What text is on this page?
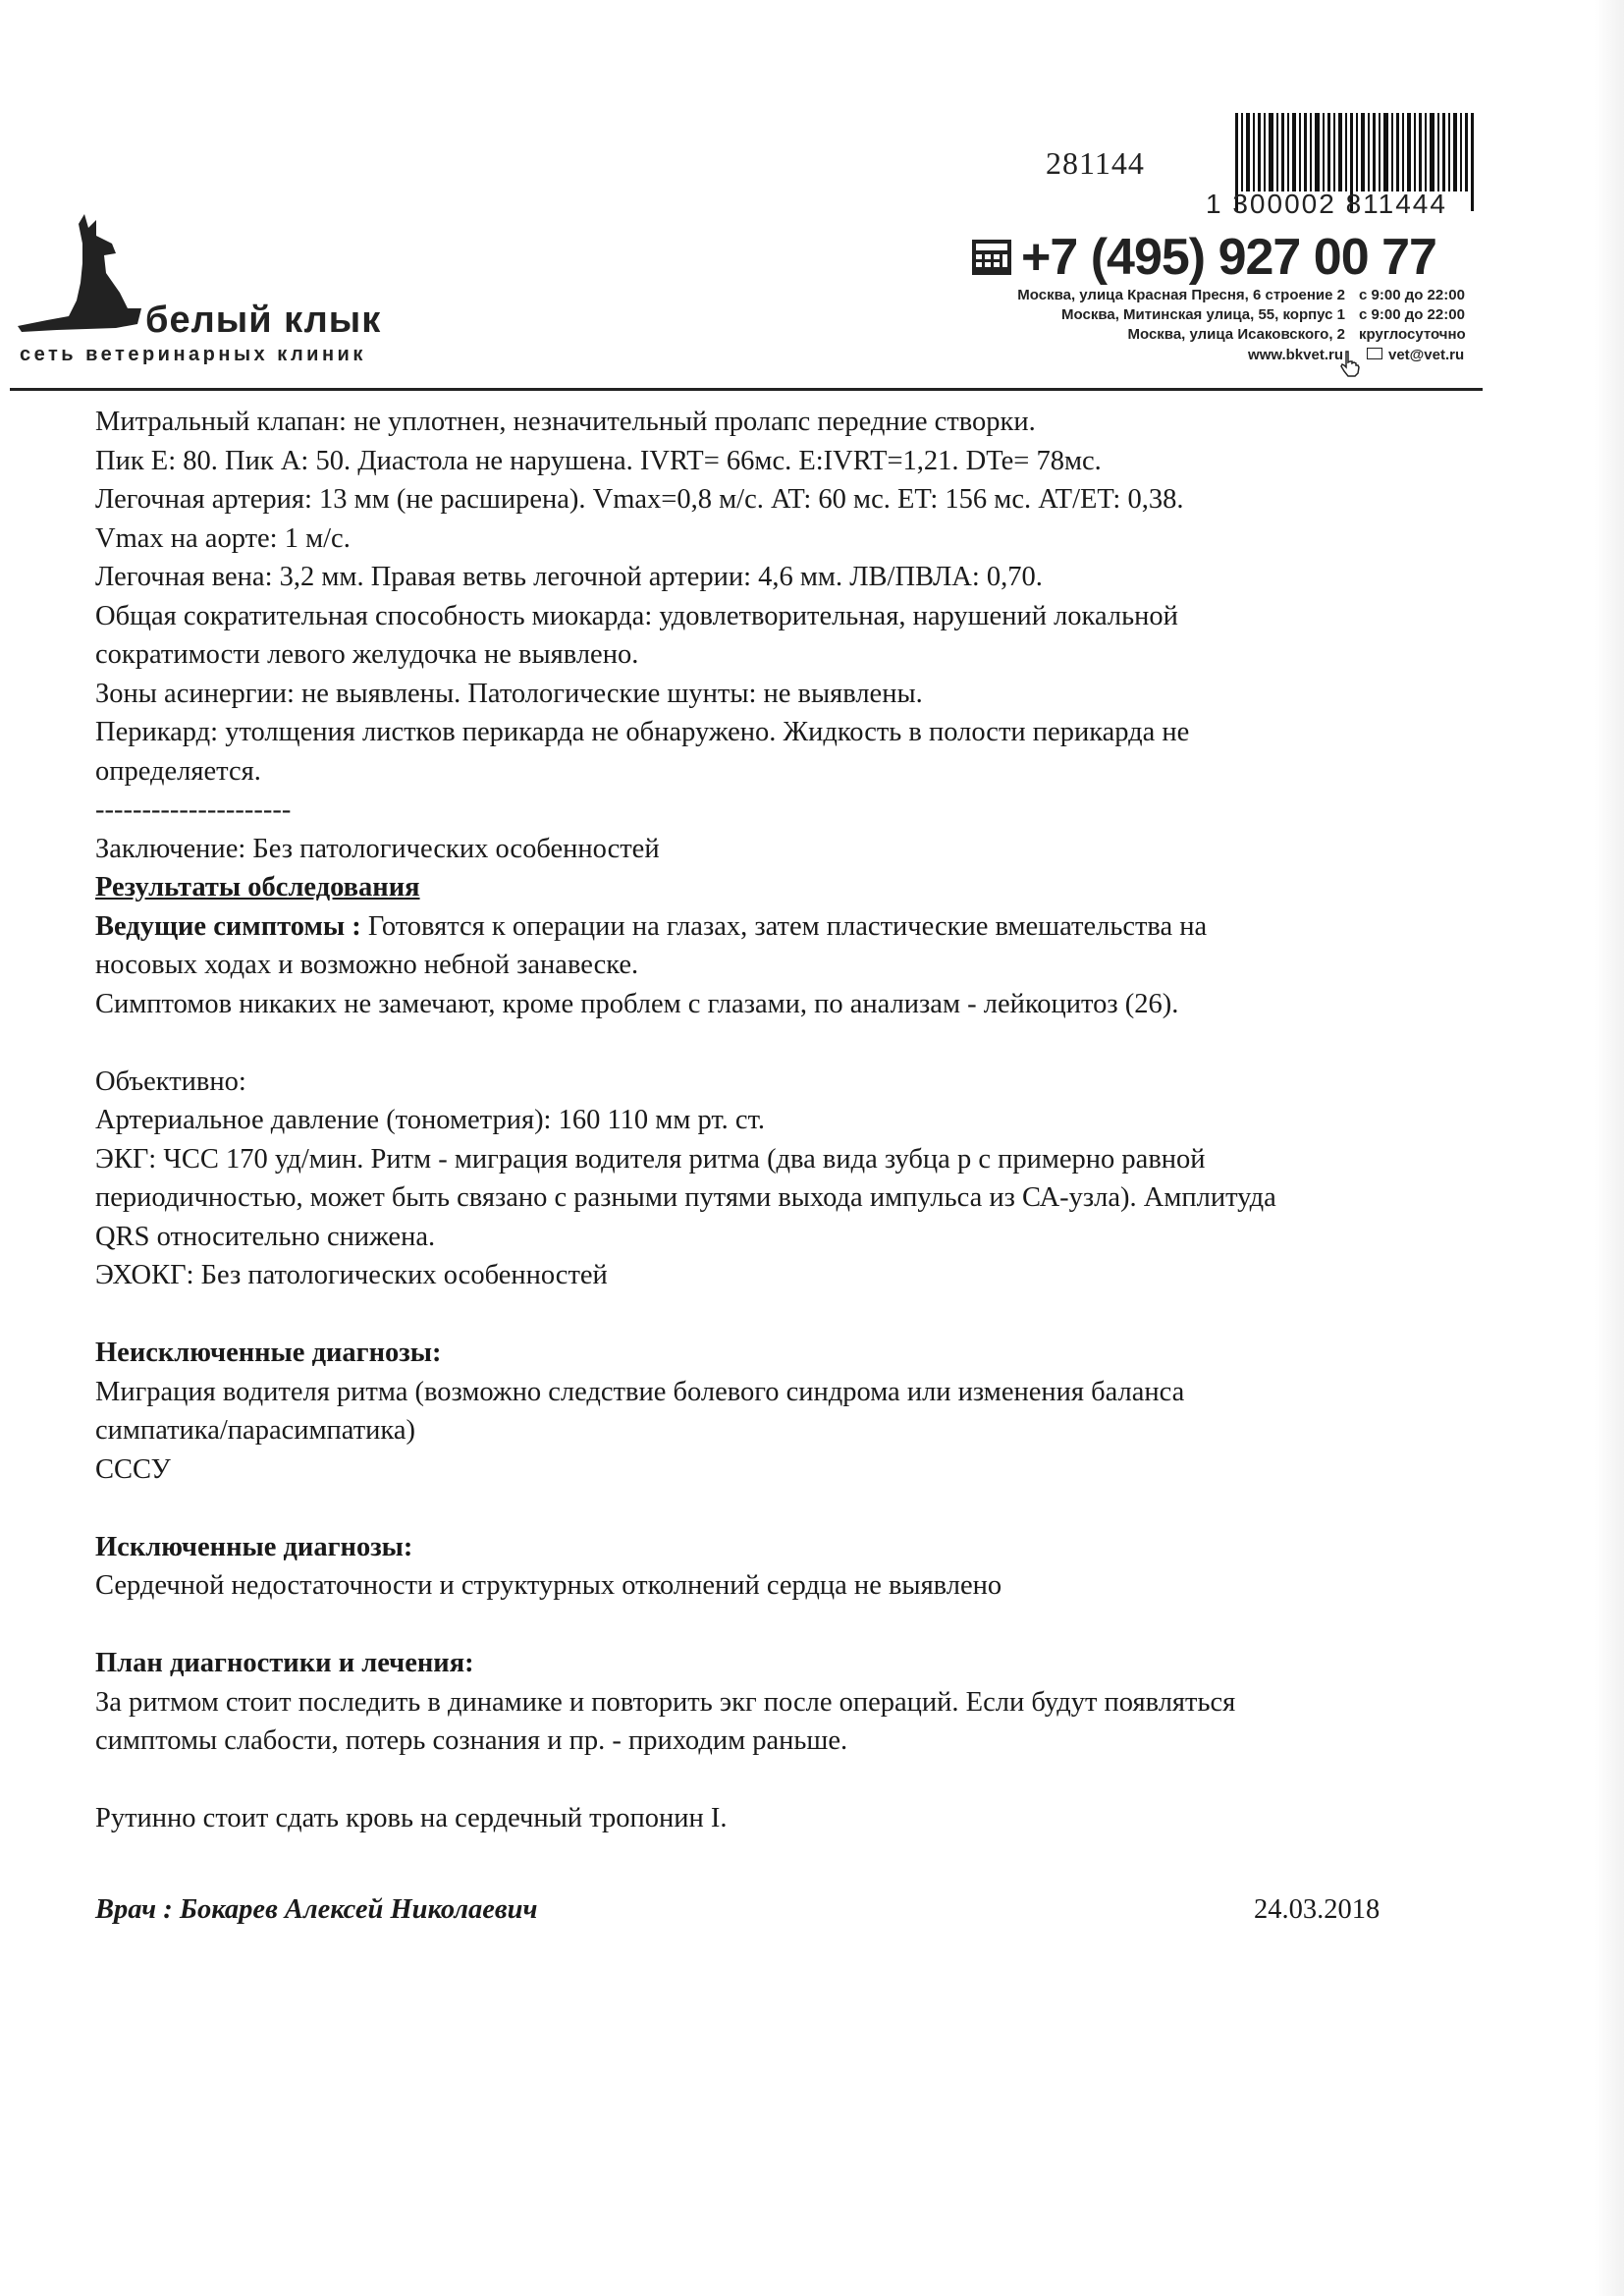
белый клык
сеть ветеринарных клиник
281144
1 300002 811444
+7 (495) 927 00 77
Москва, улица Красная Пресня, 6 строение 2 с 9:00 до 22:00
Москва, Митинская улица, 55, корпус 1 с 9:00 до 22:00
Москва, улица Исаковского, 2 круглосуточно
www.bkvet.ru	vet@vet.ru

Митральный клапан: не уплотнен, незначительный пролапс передние створки.

Пик Е: 80. Пик А: 50. Диастола не нарушена. IVRT= 66мс. E:IVRT=1,21. DTe= 78мс.

Легочная артерия: 13 мм (не расширена). Vmax=0,8 м/с. AT: 60 мс. ET: 156 мс. AT/ET: 0,38.

Vmax на аорте: 1 м/с.

Легочная вена: 3,2 мм. Правая ветвь легочной артерии: 4,6 мм. ЛВ/ПВЛА: 0,70.

Общая сократительная способность миокарда: удовлетворительная, нарушений локальной

сократимости левого желудочка не выявлено.

Зоны асинергии: не выявлены. Патологические шунты: не выявлены.

Перикард: утолщения листков перикарда не обнаружено. Жидкость в полости перикарда не

определяется.

---------------------

Заключение: Без патологических особенностей

Результаты обследования

Ведущие симптомы : Готовятся к операции на глазах, затем пластические вмешательства на

носовых ходах и возможно небной занавеске.

Симптомов никаких не замечают, кроме проблем с глазами, по анализам - лейкоцитоз (26).

Объективно:

Артериальное давление (тонометрия): 160 110 мм рт. ст.

ЭКГ: ЧСС 170 уд/мин. Ритм - миграция водителя ритма (два вида зубца р с примерно равной

периодичностью, может быть связано с разными путями выхода импульса из СА-узла). Амплитуда

QRS относительно снижена.

ЭХОКГ: Без патологических особенностей

Неисключенные диагнозы:

Миграция водителя ритма (возможно следствие болевого синдрома или изменения баланса

симпатика/парасимпатика)

СССУ

Исключенные диагнозы:

Сердечной недостаточности и структурных отколнений сердца не выявлено

План диагностики и лечения:

За ритмом стоит последить в динамике и повторить экг после операций. Если будут появляться

симптомы слабости, потерь сознания и пр. - приходим раньше.

Рутинно стоит сдать кровь на сердечный тропонин I.

Врач : Бокарев Алексей Николаевич	24.03.2018
